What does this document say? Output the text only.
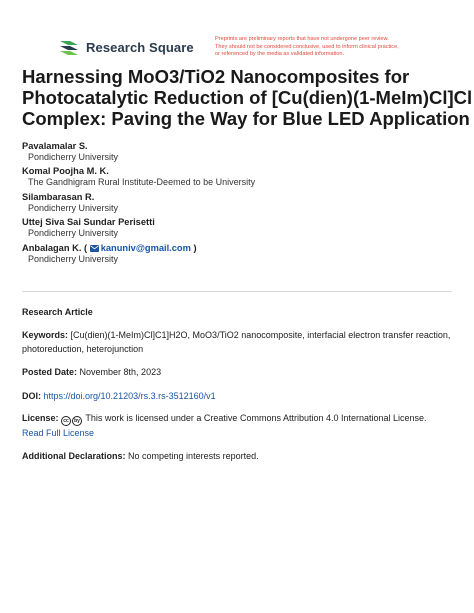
Research Square
Preprints are preliminary reports that have not undergone peer review.
They should not be considered conclusive, used to inform clinical practice,
or referenced by the media as validated information.
Harnessing MoO3/TiO2 Nanocomposites for
Photocatalytic Reduction of [Cu(dien)(1-MeIm)Cl]Cl
Complex: Paving the Way for Blue LED Application
Pavalamalar S.
Pondicherry University
Komal Poojha M. K.
The Gandhigram Rural Institute-Deemed to be University
Silambarasan R.
Pondicherry University
Uttej Siva Sai Sundar Perisetti
Pondicherry University
Anbalagan K. ( kanuniv@gmail.com )
Pondicherry University
Research Article
Keywords: [Cu(dien)(1-MeIm)Cl]C1]H2O, MoO3/TiO2 nanocomposite, interfacial electron transfer reaction,
photoreduction, heterojunction
Posted Date: November 8th, 2023
DOI: https://doi.org/10.21203/rs.3.rs-3512160/v1
License: cc by This work is licensed under a Creative Commons Attribution 4.0 International License.
Read Full License
Additional Declarations: No competing interests reported.
